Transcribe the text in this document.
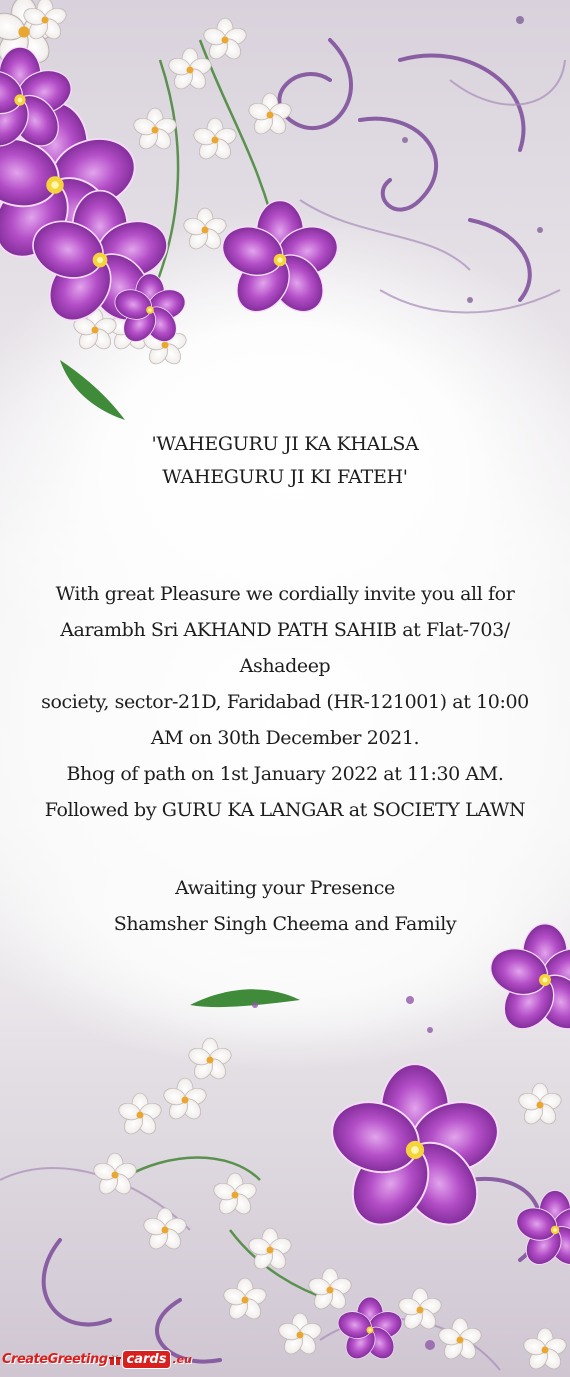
'WAHEGURU JI KA KHALSA
WAHEGURU JI KI FATEH'
With great Pleasure we cordially invite you all for
Aarambh Sri AKHAND PATH SAHIB at Flat-703/
Ashadeep
society, sector-21D, Faridabad (HR-121001) at 10:00
AM on 30th December 2021.
Bhog of path on 1st January 2022 at 11:30 AM.
Followed by GURU KA LANGAR at SOCIETY LAWN
Awaiting your Presence
Shamsher Singh Cheema and Family
CreateGreeting	cards .eu
